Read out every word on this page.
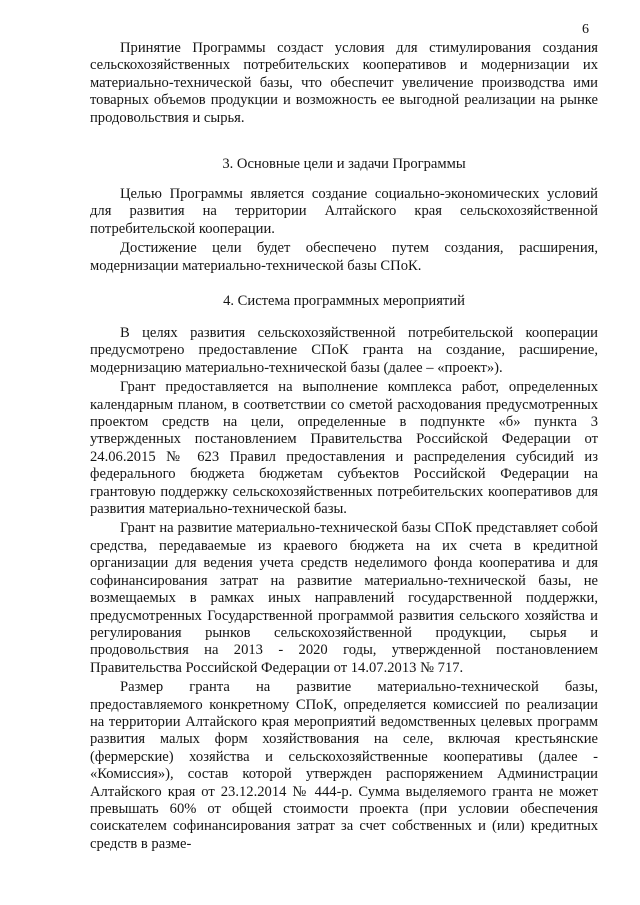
6

Принятие Программы создаст условия для стимулирования создания сельскохозяйственных потребительских кооперативов и модернизации их материально-технической базы, что обеспечит увеличение производства ими товарных объемов продукции и возможность ее выгодной реализации на рынке продовольствия и сырья.

3. Основные цели и задачи Программы

Целью Программы является создание социально-экономических условий для развития на территории Алтайского края сельскохозяйственной потребительской кооперации.

Достижение цели будет обеспечено путем создания, расширения, модернизации материально-технической базы СПоК.

4. Система программных мероприятий

В целях развития сельскохозяйственной потребительской кооперации предусмотрено предоставление СПоК гранта на создание, расширение, модернизацию материально-технической базы (далее – «проект»).

Грант предоставляется на выполнение комплекса работ, определенных календарным планом, в соответствии со сметой расходования предусмотренных проектом средств на цели, определенные в подпункте «б» пункта 3 утвержденных постановлением Правительства Российской Федерации от 24.06.2015 № 623 Правил предоставления и распределения субсидий из федерального бюджета бюджетам субъектов Российской Федерации на грантовую поддержку сельскохозяйственных потребительских кооперативов для развития материально-технической базы.

Грант на развитие материально-технической базы СПоК представляет собой средства, передаваемые из краевого бюджета на их счета в кредитной организации для ведения учета средств неделимого фонда кооператива и для софинансирования затрат на развитие материально-технической базы, не возмещаемых в рамках иных направлений государственной поддержки, предусмотренных Государственной программой развития сельского хозяйства и регулирования рынков сельскохозяйственной продукции, сырья и продовольствия на 2013 - 2020 годы, утвержденной постановлением Правительства Российской Федерации от 14.07.2013 № 717.

Размер гранта на развитие материально-технической базы, предоставляемого конкретному СПоК, определяется комиссией по реализации на территории Алтайского края мероприятий ведомственных целевых программ развития малых форм хозяйствования на селе, включая крестьянские (фермерские) хозяйства и сельскохозяйственные кооперативы (далее - «Комиссия»), состав которой утвержден распоряжением Администрации Алтайского края от 23.12.2014 № 444-р. Сумма выделяемого гранта не может превышать 60% от общей стоимости проекта (при условии обеспечения соискателем софинансирования затрат за счет собственных и (или) кредитных средств в разме-
